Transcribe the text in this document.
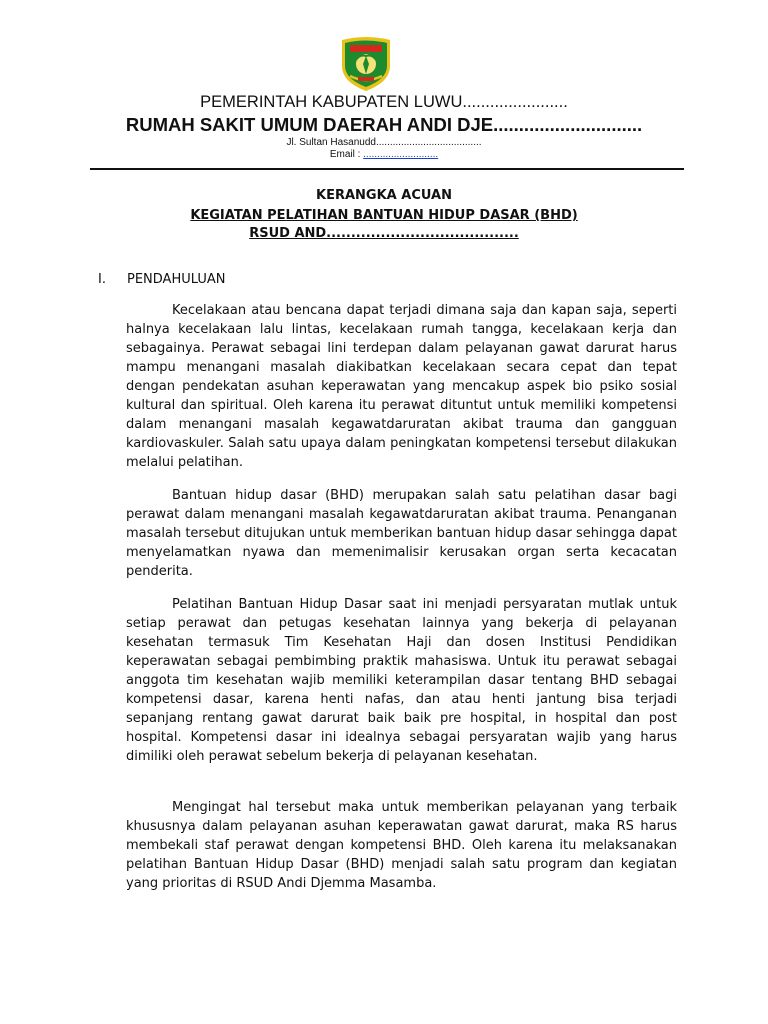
PEMERINTAH KABUPATEN LUWU.......................
RUMAH SAKIT UMUM DAERAH ANDI DJE.............................
Jl. Sultan Hasanudd......................................
Email : ...........................
KERANGKA ACUAN
KEGIATAN PELATIHAN BANTUAN HIDUP DASAR (BHD)
RSUD AND.......................................
I. PENDAHULUAN

Kecelakaan atau bencana dapat terjadi dimana saja dan kapan saja, seperti halnya kecelakaan lalu lintas, kecelakaan rumah tangga, kecelakaan kerja dan sebagainya. Perawat sebagai lini terdepan dalam pelayanan gawat darurat harus mampu menangani masalah diakibatkan kecelakaan secara cepat dan tepat dengan pendekatan asuhan keperawatan yang mencakup aspek bio psiko sosial kultural dan spiritual. Oleh karena itu perawat dituntut untuk memiliki kompetensi dalam menangani masalah kegawatdaruratan akibat trauma dan gangguan kardiovaskuler. Salah satu upaya dalam peningkatan kompetensi tersebut dilakukan melalui pelatihan.

Bantuan hidup dasar (BHD) merupakan salah satu pelatihan dasar bagi perawat dalam menangani masalah kegawatdaruratan akibat trauma. Penanganan masalah tersebut ditujukan untuk memberikan bantuan hidup dasar sehingga dapat menyelamatkan nyawa dan memenimalisir kerusakan organ serta kecacatan penderita.

Pelatihan Bantuan Hidup Dasar saat ini menjadi persyaratan mutlak untuk setiap perawat dan petugas kesehatan lainnya yang bekerja di pelayanan kesehatan termasuk Tim Kesehatan Haji dan dosen Institusi Pendidikan keperawatan sebagai pembimbing praktik mahasiswa. Untuk itu perawat sebagai anggota tim kesehatan wajib memiliki keterampilan dasar tentang BHD sebagai kompetensi dasar, karena henti nafas, dan atau henti jantung bisa terjadi sepanjang rentang gawat darurat baik baik pre hospital, in hospital dan post hospital. Kompetensi dasar ini idealnya sebagai persyaratan wajib yang harus dimiliki oleh perawat sebelum bekerja di pelayanan kesehatan.

Mengingat hal tersebut maka untuk memberikan pelayanan yang terbaik khususnya dalam pelayanan asuhan keperawatan gawat darurat, maka RS harus membekali staf perawat dengan kompetensi BHD. Oleh karena itu melaksanakan pelatihan Bantuan Hidup Dasar (BHD) menjadi salah satu program dan kegiatan yang prioritas di RSUD Andi Djemma Masamba.
